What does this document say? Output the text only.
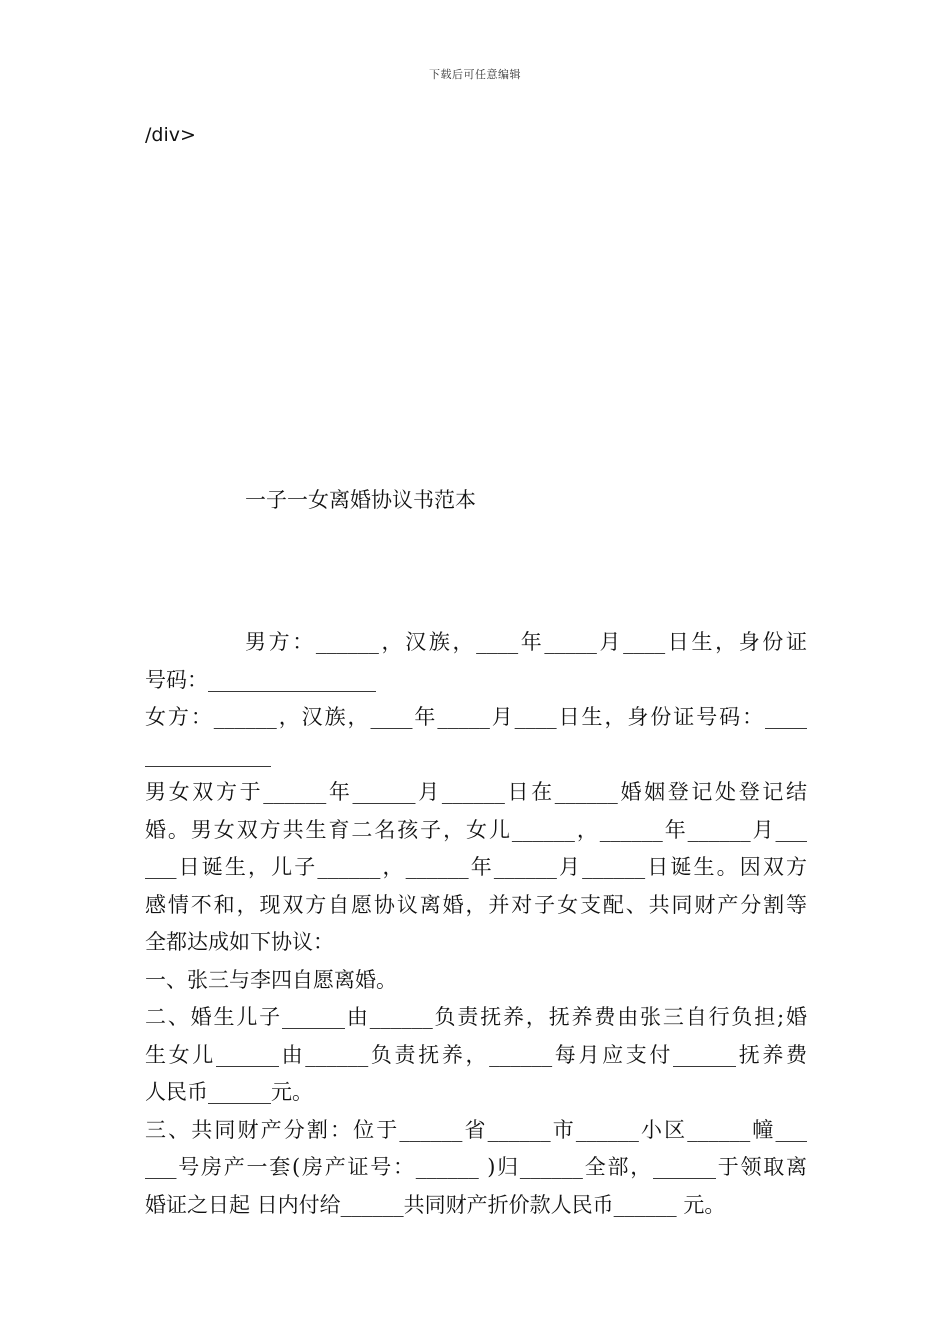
下载后可任意编辑
/div>
一子一女离婚协议书范本
男方：______，汉族，____年_____月____日生，身份证
号码：________________
女方：______，汉族，____年_____月____日生，身份证号码：____
____________
男女双方于______年______月______日在______婚姻登记处登记结
婚。男女双方共生育二名孩子，女儿______，______年______月___
___日诞生，儿子______，______年______月______日诞生。因双方
感情不和，现双方自愿协议离婚，并对子女支配、共同财产分割等
全都达成如下协议：
一、张三与李四自愿离婚。
二、婚生儿子______由______负责抚养，抚养费由张三自行负担;婚
生女儿______由______负责抚养，______每月应支付______抚养费
人民币______元。
三、共同财产分割：位于______省______市______小区______幢___
___号房产一套(房产证号：______ )归______全部，______于领取离
婚证之日起 日内付给______共同财产折价款人民币______ 元。
